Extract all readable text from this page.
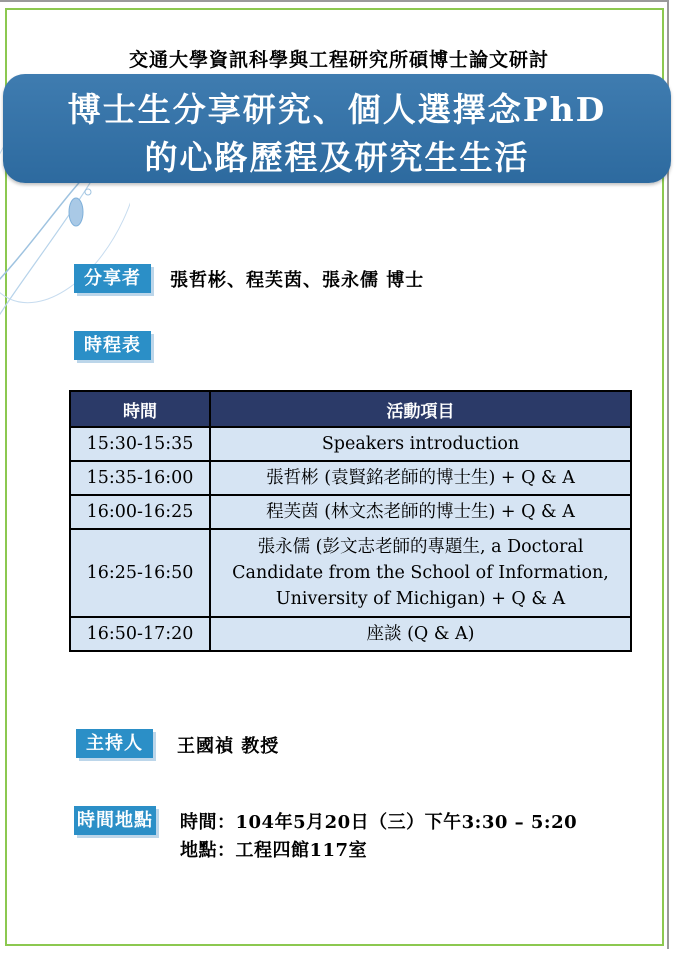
交通大學資訊科學與工程研究所碩博士論文研討
博士生分享研究、個人選擇念PhD
的心路歷程及研究生生活
分享者	張哲彬、程芙茵、張永儒 博士
時程表
時間	活動項目
15:30-15:35	Speakers introduction
15:35-16:00	張哲彬 (袁賢銘老師的博士生) + Q & A
16:00-16:25	程芙茵 (林文杰老師的博士生) + Q & A
16:25-16:50	張永儒 (彭文志老師的專題生, a Doctoral Candidate from the School of Information, University of Michigan) + Q & A
16:50-17:20	座談 (Q & A)
主持人	王國禎 教授
時間地點 時間：104年5月20日（三）下午3:30 – 5:20
地點：工程四館117室
